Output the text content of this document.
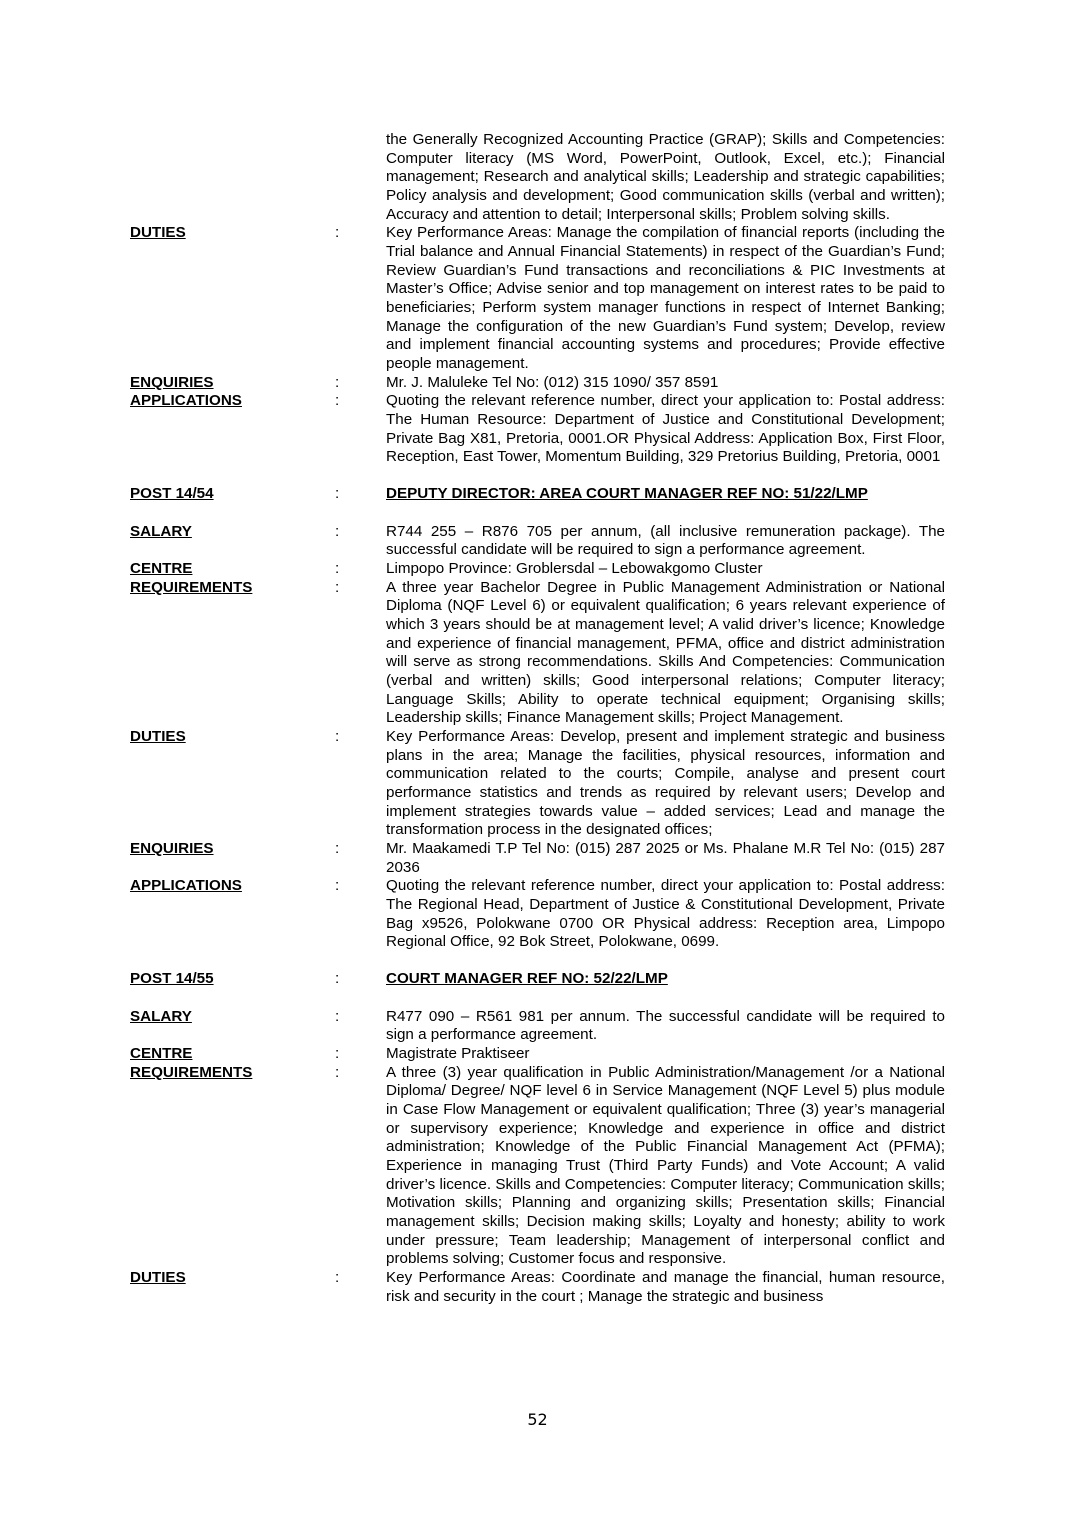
the Generally Recognized Accounting Practice (GRAP); Skills and Competencies: Computer literacy (MS Word, PowerPoint, Outlook, Excel, etc.); Financial management; Research and analytical skills; Leadership and strategic capabilities; Policy analysis and development; Good communication skills (verbal and written); Accuracy and attention to detail; Interpersonal skills; Problem solving skills.
DUTIES	:	Key Performance Areas: Manage the compilation of financial reports (including the Trial balance and Annual Financial Statements) in respect of the Guardian’s Fund; Review Guardian’s Fund transactions and reconciliations & PIC Investments at Master’s Office; Advise senior and top management on interest rates to be paid to beneficiaries; Perform system manager functions in respect of Internet Banking; Manage the configuration of the new Guardian’s Fund system; Develop, review and implement financial accounting systems and procedures; Provide effective people management.
ENQUIRIES	:	Mr. J. Maluleke Tel No: (012) 315 1090/ 357 8591
APPLICATIONS	:	Quoting the relevant reference number, direct your application to: Postal address: The Human Resource: Department of Justice and Constitutional Development; Private Bag X81, Pretoria, 0001.OR Physical Address: Application Box, First Floor, Reception, East Tower, Momentum Building, 329 Pretorius Building, Pretoria, 0001
POST 14/54	:	DEPUTY DIRECTOR: AREA COURT MANAGER REF NO: 51/22/LMP
SALARY	:	R744 255 – R876 705 per annum, (all inclusive remuneration package). The successful candidate will be required to sign a performance agreement.
CENTRE	:	Limpopo Province: Groblersdal – Lebowakgomo Cluster
REQUIREMENTS	:	A three year Bachelor Degree in Public Management Administration or National Diploma (NQF Level 6) or equivalent qualification; 6 years relevant experience of which 3 years should be at management level; A valid driver’s licence; Knowledge and experience of financial management, PFMA, office and district administration will serve as strong recommendations. Skills And Competencies: Communication (verbal and written) skills; Good interpersonal relations; Computer literacy; Language Skills; Ability to operate technical equipment; Organising skills; Leadership skills; Finance Management skills; Project Management.
DUTIES	:	Key Performance Areas: Develop, present and implement strategic and business plans in the area; Manage the facilities, physical resources, information and communication related to the courts; Compile, analyse and present court performance statistics and trends as required by relevant users; Develop and implement strategies towards value – added services; Lead and manage the transformation process in the designated offices;
ENQUIRIES	:	Mr. Maakamedi T.P Tel No: (015) 287 2025 or Ms. Phalane M.R Tel No: (015) 287 2036
APPLICATIONS	:	Quoting the relevant reference number, direct your application to: Postal address: The Regional Head, Department of Justice & Constitutional Development, Private Bag x9526, Polokwane 0700 OR Physical address: Reception area, Limpopo Regional Office, 92 Bok Street, Polokwane, 0699.
POST 14/55	:	COURT MANAGER REF NO: 52/22/LMP
SALARY	:	R477 090 – R561 981 per annum. The successful candidate will be required to sign a performance agreement.
CENTRE	:	Magistrate Praktiseer
REQUIREMENTS	:	A three (3) year qualification in Public Administration/Management /or a National Diploma/ Degree/ NQF level 6 in Service Management (NQF Level 5) plus module in Case Flow Management or equivalent qualification; Three (3) year’s managerial or supervisory experience; Knowledge and experience in office and district administration; Knowledge of the Public Financial Management Act (PFMA); Experience in managing Trust (Third Party Funds) and Vote Account; A valid driver’s licence. Skills and Competencies: Computer literacy; Communication skills; Motivation skills; Planning and organizing skills; Presentation skills; Financial management skills; Decision making skills; Loyalty and honesty; ability to work under pressure; Team leadership; Management of interpersonal conflict and problems solving; Customer focus and responsive.
DUTIES	:	Key Performance Areas: Coordinate and manage the financial, human resource, risk and security in the court ; Manage the strategic and business
52
